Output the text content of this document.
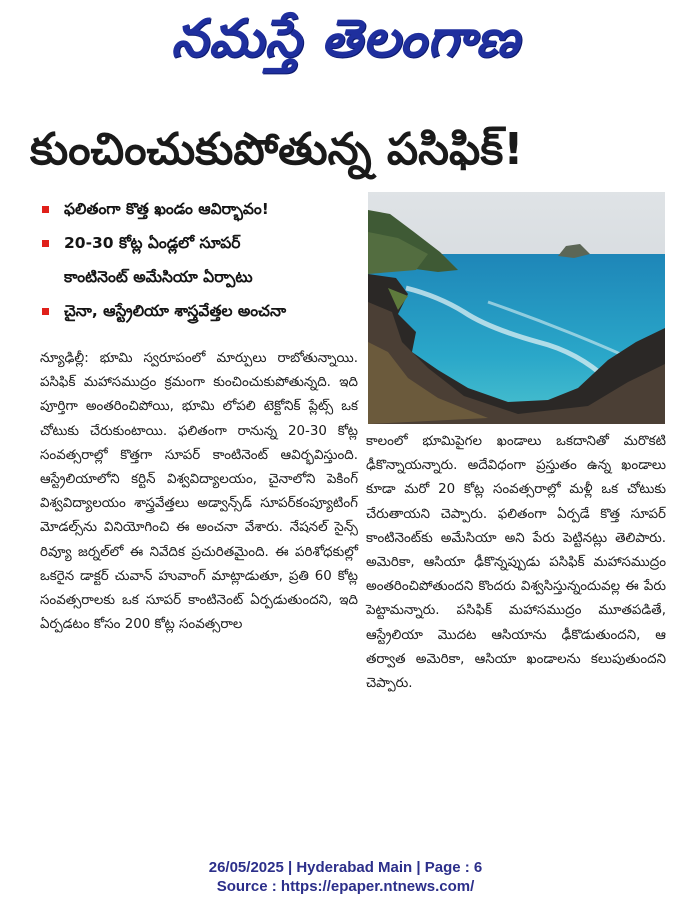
నమస్తే తెలంగాణ
కుంచించుకుపోతున్న పసిఫిక్!
ఫలితంగా కొత్త ఖండం ఆవిర్భావం!
20-30 కోట్ల ఏండ్లలో సూపర్
కాంటినెంట్ అమేసియా ఏర్పాటు
చైనా, ఆస్ట్రేలియా శాస్త్రవేత్తల అంచనా

న్యూఢిల్లీ: భూమి స్వరూపంలో మార్పులు రాబోతున్నాయి. పసిఫిక్ మహాసముద్రం క్రమంగా కుంచించుకుపోతున్నది. ఇది పూర్తిగా అంతరించిపోయి, భూమి లోపలి టెక్టోనిక్ ప్లేట్స్ ఒక చోటుకు చేరుకుంటాయి. ఫలితంగా రానున్న 20-30 కోట్ల సంవత్సరాల్లో కొత్తగా సూపర్ కాంటినెంట్ ఆవిర్భవిస్తుంది. ఆస్ట్రేలియాలోని కర్టిన్ విశ్వవిద్యాలయం, చైనాలోని పెకింగ్ విశ్వవిద్యాలయం శాస్త్రవేత్తలు అడ్వాన్స్‌డ్ సూపర్‌కంప్యూటింగ్ మోడల్స్‌ను వినియోగించి ఈ అంచనా వేశారు. నేషనల్ సైన్స్ రివ్యూ జర్నల్‌లో ఈ నివేదిక ప్రచురితమైంది. ఈ పరిశోధకుల్లో ఒకరైన డాక్టర్ చువాన్ హువాంగ్ మాట్లాడుతూ, ప్రతి 60 కోట్ల సంవత్సరాలకు ఒక సూపర్ కాంటినెంట్ ఏర్పడుతుందని, ఇది ఏర్పడటం కోసం 200 కోట్ల సంవత్సరాల

కాలంలో భూమిపైగల ఖండాలు ఒకదానితో మరొకటి ఢీకొన్నాయన్నారు. అదేవిధంగా ప్రస్తుతం ఉన్న ఖండాలు కూడా మరో 20 కోట్ల సంవత్సరాల్లో మళ్లీ ఒక చోటుకు చేరుతాయని చెప్పారు. ఫలితంగా ఏర్పడే కొత్త సూపర్ కాంటినెంట్‌కు అమేసియా అని పేరు పెట్టినట్లు తెలిపారు. అమెరికా, ఆసియా ఢీకొన్నప్పుడు పసిఫిక్ మహాసముద్రం అంతరించిపోతుందని కొందరు విశ్వసిస్తున్నందువల్ల ఈ పేరు పెట్టామన్నారు. పసిఫిక్ మహాసముద్రం మూతపడితే, ఆస్ట్రేలియా మొదట ఆసియాను ఢీకొడుతుందని, ఆ తర్వాత అమెరికా, ఆసియా ఖండాలను కలుపుతుందని చెప్పారు.

26/05/2025 | Hyderabad Main | Page : 6
Source : https://epaper.ntnews.com/
